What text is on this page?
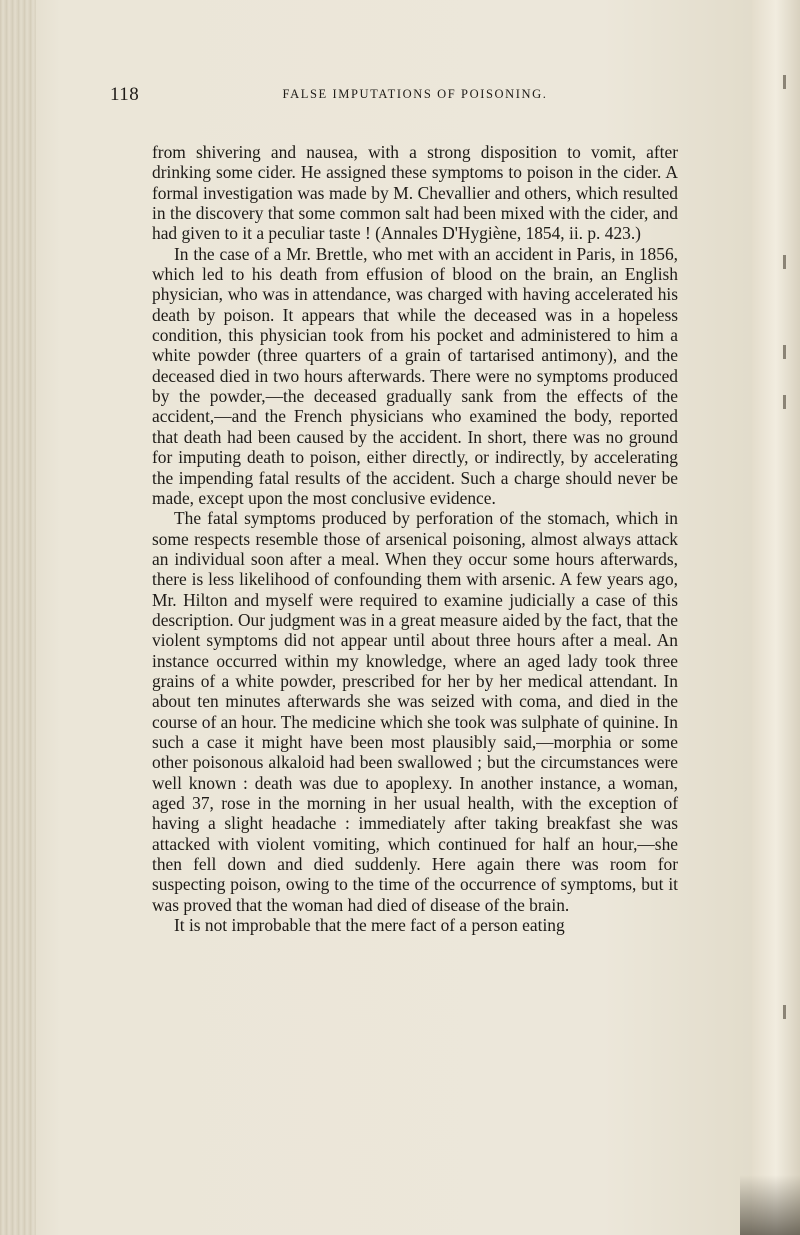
118	FALSE IMPUTATIONS OF POISONING.

from shivering and nausea, with a strong disposition to vomit, after drinking some cider. He assigned these symptoms to poison in the cider. A formal investigation was made by M. Chevallier and others, which resulted in the discovery that some common salt had been mixed with the cider, and had given to it a peculiar taste ! (Annales D'Hygiène, 1854, ii. p. 423.)

In the case of a Mr. Brettle, who met with an accident in Paris, in 1856, which led to his death from effusion of blood on the brain, an English physician, who was in attendance, was charged with having accelerated his death by poison. It appears that while the deceased was in a hopeless condition, this physician took from his pocket and administered to him a white powder (three quarters of a grain of tartarised antimony), and the deceased died in two hours afterwards. There were no symptoms produced by the powder,—the deceased gradually sank from the effects of the accident,—and the French physicians who examined the body, reported that death had been caused by the accident. In short, there was no ground for imputing death to poison, either directly, or indirectly, by accelerating the impending fatal results of the accident. Such a charge should never be made, except upon the most conclusive evidence.

The fatal symptoms produced by perforation of the stomach, which in some respects resemble those of arsenical poisoning, almost always attack an individual soon after a meal. When they occur some hours afterwards, there is less likelihood of confounding them with arsenic. A few years ago, Mr. Hilton and myself were required to examine judicially a case of this description. Our judgment was in a great measure aided by the fact, that the violent symptoms did not appear until about three hours after a meal. An instance occurred within my knowledge, where an aged lady took three grains of a white powder, prescribed for her by her medical attendant. In about ten minutes afterwards she was seized with coma, and died in the course of an hour. The medicine which she took was sulphate of quinine. In such a case it might have been most plausibly said,—morphia or some other poisonous alkaloid had been swallowed ; but the circumstances were well known : death was due to apoplexy. In another instance, a woman, aged 37, rose in the morning in her usual health, with the exception of having a slight headache : immediately after taking breakfast she was attacked with violent vomiting, which continued for half an hour,—she then fell down and died suddenly. Here again there was room for suspecting poison, owing to the time of the occurrence of symptoms, but it was proved that the woman had died of disease of the brain.

It is not improbable that the mere fact of a person eating
